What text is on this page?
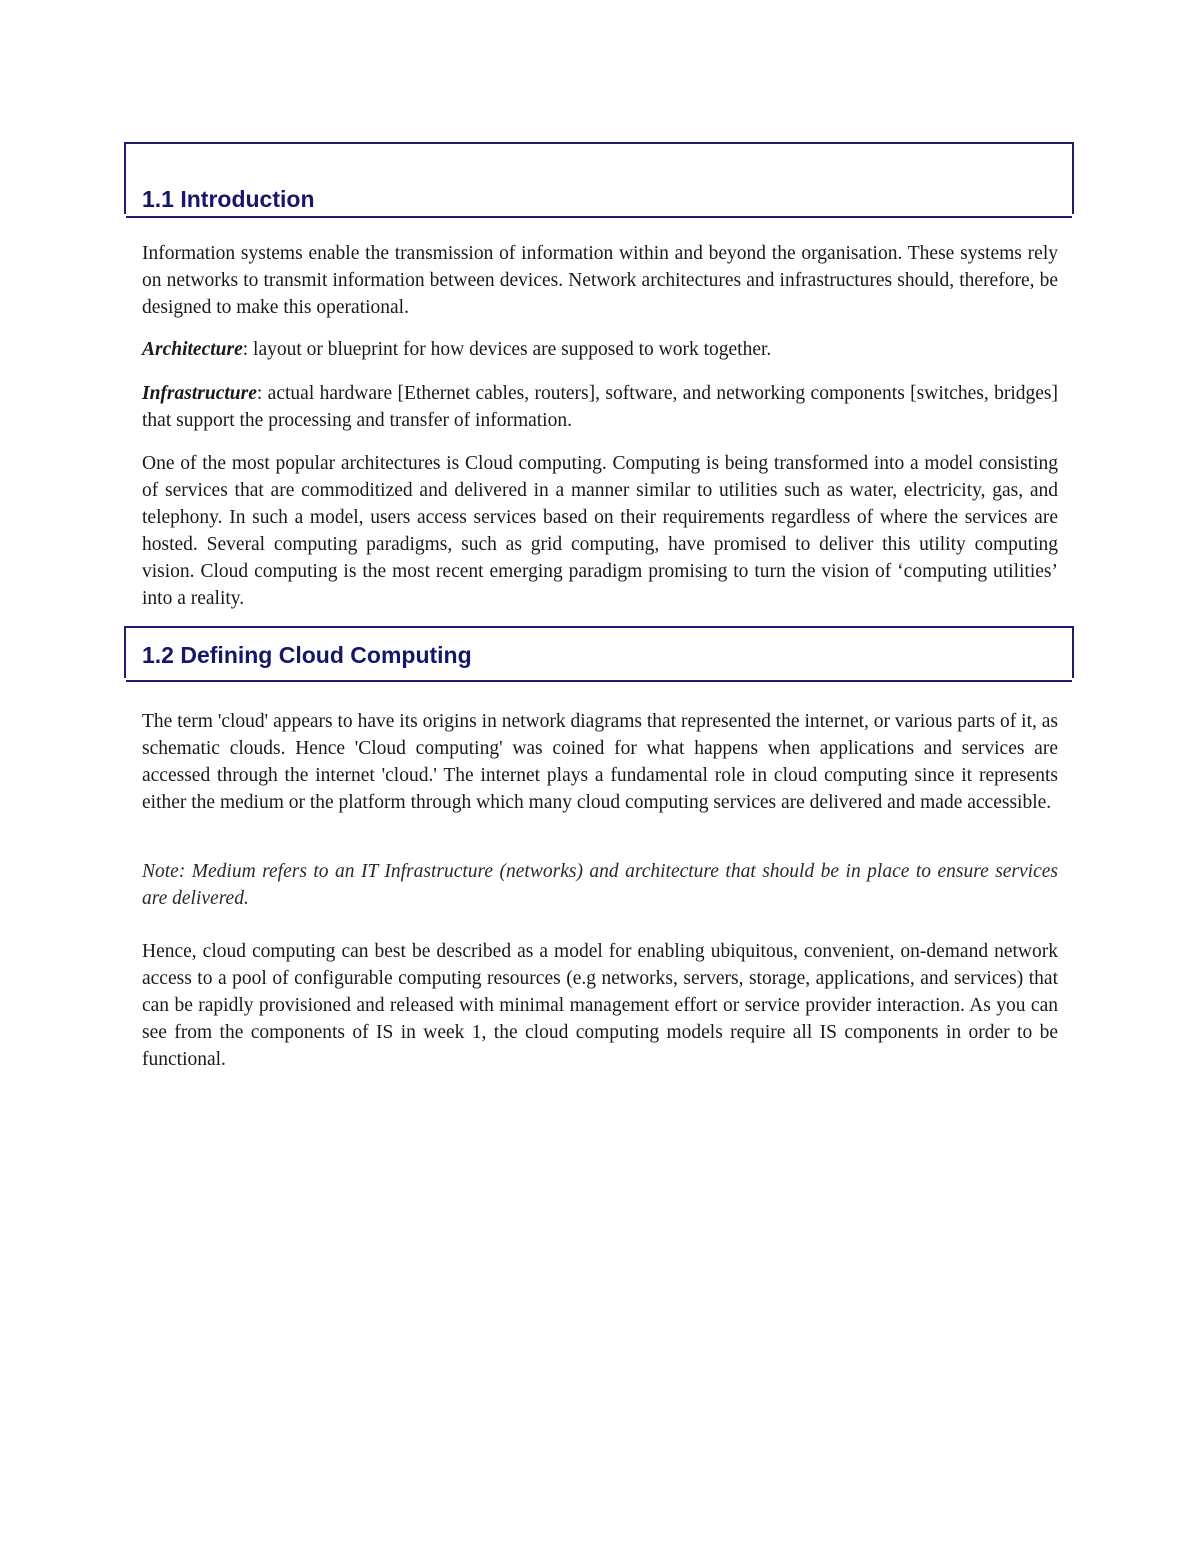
1.1 Introduction

Information systems enable the transmission of information within and beyond the organisation. These systems rely on networks to transmit information between devices. Network architectures and infrastructures should, therefore, be designed to make this operational.

Architecture: layout or blueprint for how devices are supposed to work together.

Infrastructure: actual hardware [Ethernet cables, routers], software, and networking components [switches, bridges] that support the processing and transfer of information.

One of the most popular architectures is Cloud computing. Computing is being transformed into a model consisting of services that are commoditized and delivered in a manner similar to utilities such as water, electricity, gas, and telephony. In such a model, users access services based on their requirements regardless of where the services are hosted. Several computing paradigms, such as grid computing, have promised to deliver this utility computing vision. Cloud computing is the most recent emerging paradigm promising to turn the vision of ‘computing utilities’ into a reality.

1.2 Defining Cloud Computing

The term 'cloud' appears to have its origins in network diagrams that represented the internet, or various parts of it, as schematic clouds. Hence 'Cloud computing' was coined for what happens when applications and services are accessed through the internet 'cloud.' The internet plays a fundamental role in cloud computing since it represents either the medium or the platform through which many cloud computing services are delivered and made accessible.

Note: Medium refers to an IT Infrastructure (networks) and architecture that should be in place to ensure services are delivered.

Hence, cloud computing can best be described as a model for enabling ubiquitous, convenient, on-demand network access to a pool of configurable computing resources (e.g networks, servers, storage, applications, and services) that can be rapidly provisioned and released with minimal management effort or service provider interaction. As you can see from the components of IS in week 1, the cloud computing models require all IS components in order to be functional.
